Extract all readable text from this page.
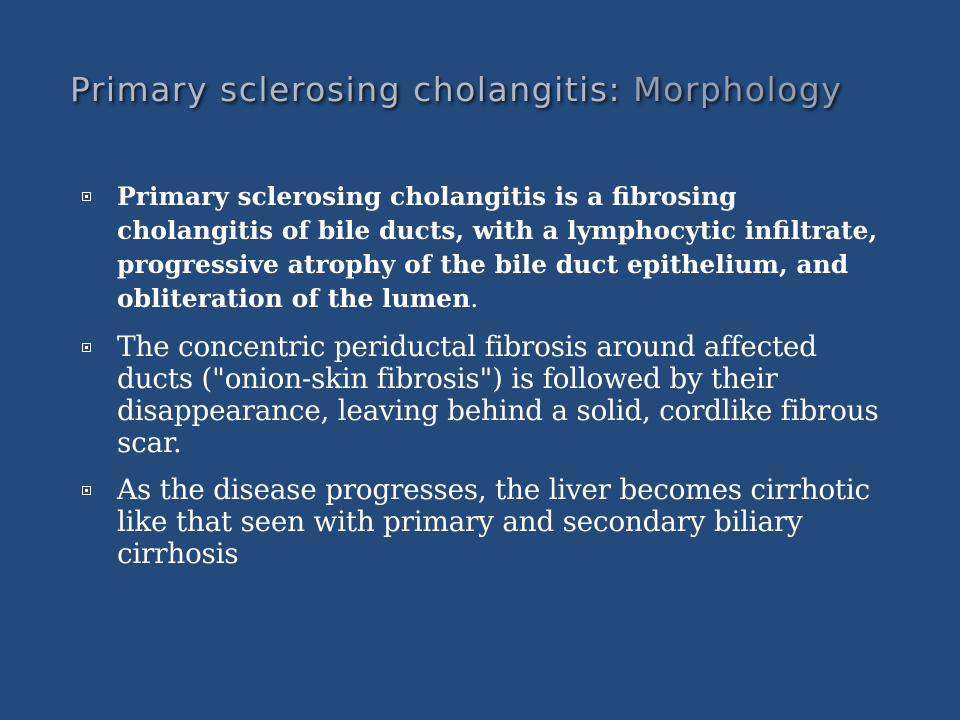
Primary sclerosing cholangitis: Morphology
Primary sclerosing cholangitis is a fibrosing cholangitis of bile ducts, with a lymphocytic infiltrate, progressive atrophy of the bile duct epithelium, and obliteration of the lumen.
The concentric periductal fibrosis around affected ducts ("onion-skin fibrosis") is followed by their disappearance, leaving behind a solid, cordlike fibrous scar.
As the disease progresses, the liver becomes cirrhotic like that seen with primary and secondary biliary cirrhosis
